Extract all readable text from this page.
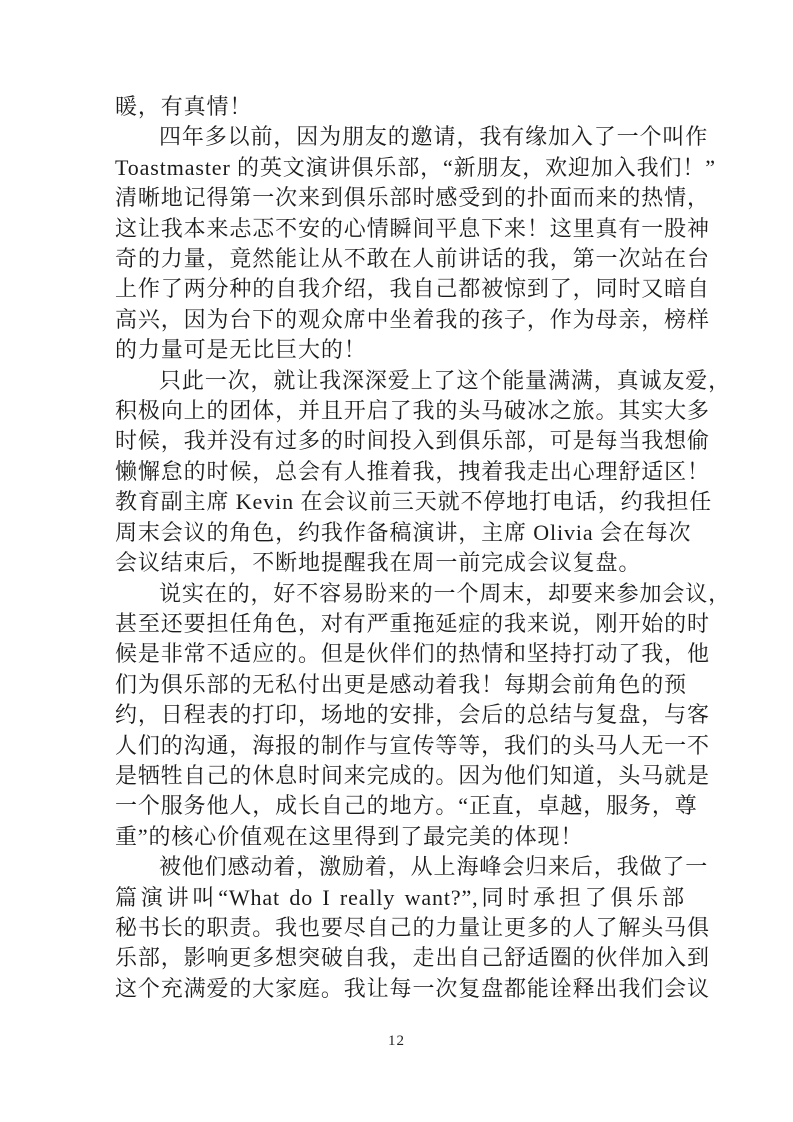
暖，有真情！

四年多以前，因为朋友的邀请，我有缘加入了一个叫作

Toastmaster 的英文演讲俱乐部，“新朋友，欢迎加入我们！”

清晰地记得第一次来到俱乐部时感受到的扑面而来的热情，

这让我本来忐忑不安的心情瞬间平息下来！这里真有一股神

奇的力量，竟然能让从不敢在人前讲话的我，第一次站在台

上作了两分种的自我介绍，我自己都被惊到了，同时又暗自

高兴，因为台下的观众席中坐着我的孩子，作为母亲，榜样

的力量可是无比巨大的！

只此一次，就让我深深爱上了这个能量满满，真诚友爱，

积极向上的团体，并且开启了我的头马破冰之旅。其实大多

时候，我并没有过多的时间投入到俱乐部，可是每当我想偷

懒懈怠的时候，总会有人推着我，拽着我走出心理舒适区！

教育副主席 Kevin 在会议前三天就不停地打电话，约我担任

周末会议的角色，约我作备稿演讲，主席 Olivia 会在每次

会议结束后，不断地提醒我在周一前完成会议复盘。

说实在的，好不容易盼来的一个周末，却要来参加会议，

甚至还要担任角色，对有严重拖延症的我来说，刚开始的时

候是非常不适应的。但是伙伴们的热情和坚持打动了我，他

们为俱乐部的无私付出更是感动着我！每期会前角色的预

约，日程表的打印，场地的安排，会后的总结与复盘，与客

人们的沟通，海报的制作与宣传等等，我们的头马人无一不

是牺牲自己的休息时间来完成的。因为他们知道，头马就是

一个服务他人，成长自己的地方。“正直，卓越，服务，尊

重”的核心价值观在这里得到了最完美的体现！

被他们感动着，激励着，从上海峰会归来后，我做了一

篇演讲叫“What do I really want?”,同时承担了俱乐部

秘书长的职责。我也要尽自己的力量让更多的人了解头马俱

乐部，影响更多想突破自我，走出自己舒适圈的伙伴加入到

这个充满爱的大家庭。我让每一次复盘都能诠释出我们会议

12
